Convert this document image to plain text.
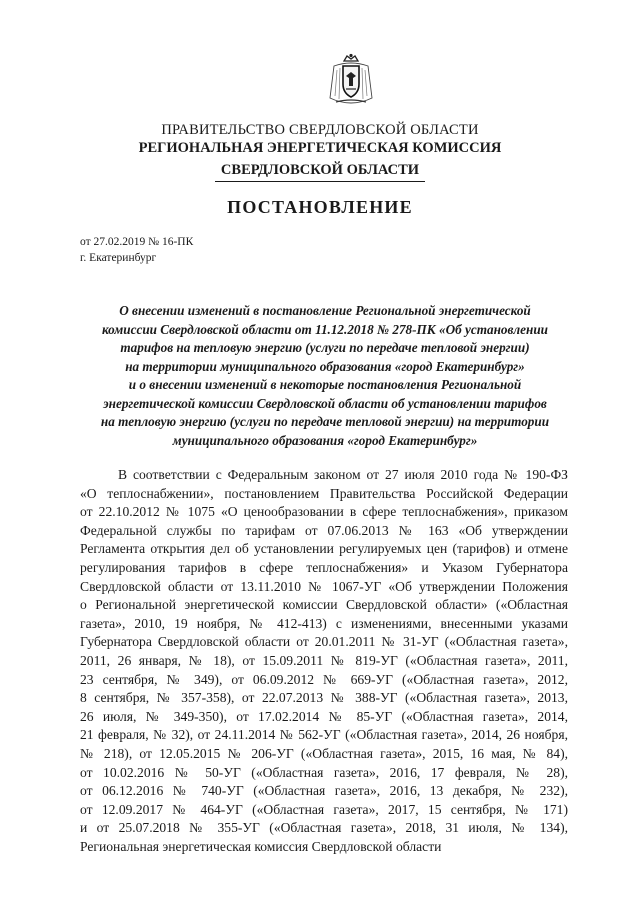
ПРАВИТЕЛЬСТВО СВЕРДЛОВСКОЙ ОБЛАСТИ
РЕГИОНАЛЬНАЯ ЭНЕРГЕТИЧЕСКАЯ КОМИССИЯ
СВЕРДЛОВСКОЙ ОБЛАСТИ
ПОСТАНОВЛЕНИЕ
от 27.02.2019 № 16-ПК
г. Екатеринбург
О внесении изменений в постановление Региональной энергетической
комиссии Свердловской области от 11.12.2018 № 278-ПК «Об установлении
тарифов на тепловую энергию (услуги по передаче тепловой энергии)
на территории муниципального образования «город Екатеринбург»
и о внесении изменений в некоторые постановления Региональной
энергетической комиссии Свердловской области об установлении тарифов
на тепловую энергию (услуги по передаче тепловой энергии) на территории
муниципального образования «город Екатеринбург»
В соответствии с Федеральным законом от 27 июля 2010 года № 190-ФЗ
«О теплоснабжении», постановлением Правительства Российской Федерации
от 22.10.2012 № 1075 «О ценообразовании в сфере теплоснабжения», приказом
Федеральной службы по тарифам от 07.06.2013 № 163 «Об утверждении
Регламента открытия дел об установлении регулируемых цен (тарифов) и отмене
регулирования тарифов в сфере теплоснабжения» и Указом Губернатора
Свердловской области от 13.11.2010 № 1067-УГ «Об утверждении Положения
о Региональной энергетической комиссии Свердловской области» («Областная
газета», 2010, 19 ноября, № 412-413) с изменениями, внесенными указами
Губернатора Свердловской области от 20.01.2011 № 31-УГ («Областная газета»,
2011, 26 января, № 18), от 15.09.2011 № 819-УГ («Областная газета», 2011,
23 сентября, № 349), от 06.09.2012 № 669-УГ («Областная газета», 2012,
8 сентября, № 357-358), от 22.07.2013 № 388-УГ («Областная газета», 2013,
26 июля, № 349-350), от 17.02.2014 № 85-УГ («Областная газета», 2014,
21 февраля, № 32), от 24.11.2014 № 562-УГ («Областная газета», 2014, 26 ноября,
№ 218), от 12.05.2015 № 206-УГ («Областная газета», 2015, 16 мая, № 84),
от 10.02.2016 № 50-УГ («Областная газета», 2016, 17 февраля, № 28),
от 06.12.2016 № 740-УГ («Областная газета», 2016, 13 декабря, № 232),
от 12.09.2017 № 464-УГ («Областная газета», 2017, 15 сентября, № 171)
и от 25.07.2018 № 355-УГ («Областная газета», 2018, 31 июля, № 134),
Региональная энергетическая комиссия Свердловской области
